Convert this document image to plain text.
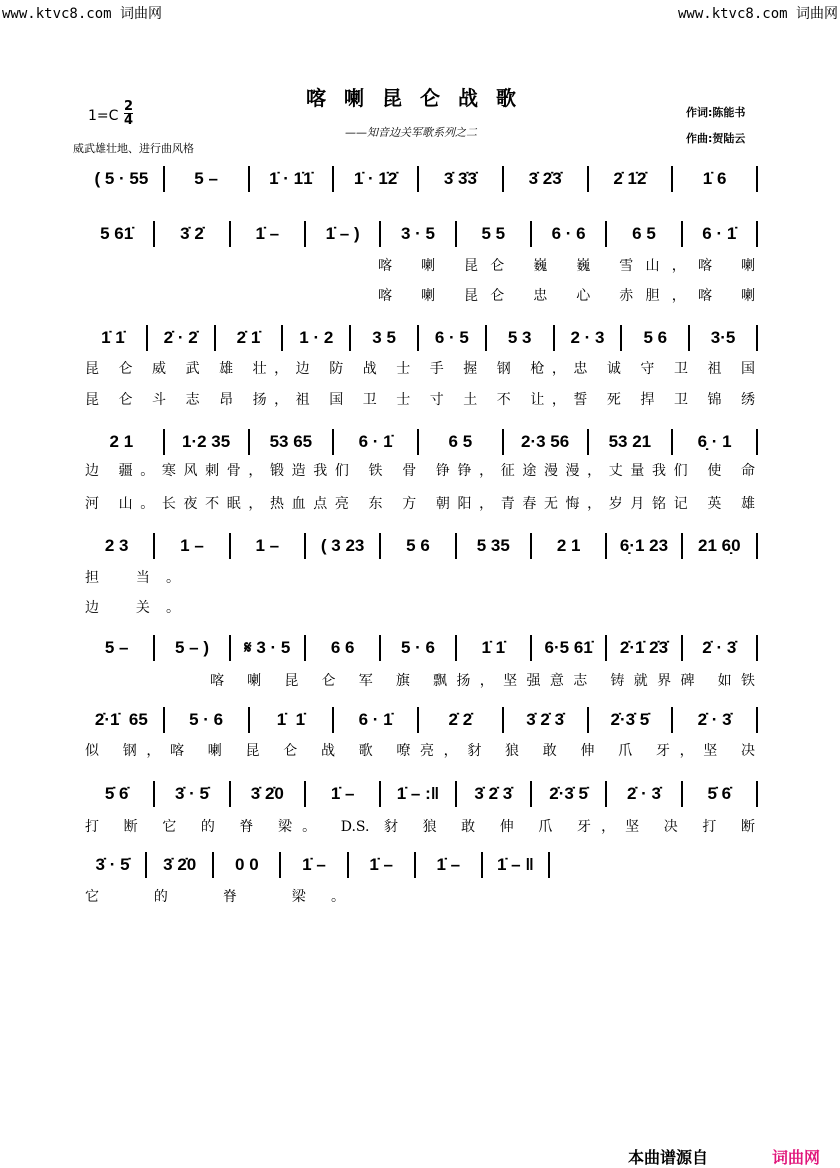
www.ktvc8.com 词曲网	www.ktvc8.com 词曲网
喀喇昆仑战歌
$1=C \frac{2}{4}$
——知音边关军歌系列之二
作词:陈能书
作曲:贺陆云
威武雄壮地、进行曲风格
( 5 · 55	5 –	1̇ · 1̇1̇	1̇ · 1̇2̇	3̇ 3̇3̇	3̇ 2̇3̇	2̇ 1̇2̇	1̇ 6
5 61̇	3̇ 2̇	1̇ –	1̇ – )	3 · 5	5 5	6 · 6	6 5	6 · 1̇
1̇ 1̇	2̇ · 2̇	2̇ 1̇	1 · 2	3 5	6 · 5	5 3	2 · 3	5 6	3·5
2 1	1·2 35	53 65	6 · 1̇	6 5	2·3 56	53 21	6̣ · 1
2 3	1 –	1 –	( 3 23	5 6	5 35	2 1	6̣·1 23	21 6̣0
5 –	5 – )	𝄋 3 · 5	6 6	5 · 6	1̇ 1̇	6·5 61̇	2̇·1̇ 2̇3̇	2̇ · 3̇
2̇·1̇  65	5 · 6	1̇  1̇	6 · 1̇	2̇ 2̇	3̇ 2̇ 3̇	2̇·3̇ 5̇	2̇ · 3̇
5̇ 6̇	3̇ · 5̇	3̇ 2̇0	1̇ –	1̇ – :‖	3̇ 2̇ 3̇	2̇·3̇ 5̇	2̇ · 3̇	5̇ 6̇
3̇ · 5̇	3̇ 2̇0	0 0	1̇ –	1̇ –	1̇ –	1̇ – ‖
喀 喇 昆仑 巍 巍 雪山，喀 喇
喀 喇 昆仑 忠 心 赤胆，喀 喇
昆 仑 威 武 雄 壮，边 防 战 士 手 握 钢 枪，忠 诚 守 卫 祖 国
昆 仑 斗 志 昂 扬，祖 国 卫 士 寸 土 不 让，誓 死 捍 卫 锦 绣
边 疆。寒风刺骨，锻造我们 铁 骨 铮铮，征途漫漫，丈量我们 使 命
河 山。长夜不眠，热血点亮 东 方 朝阳，青春无悔，岁月铭记 英 雄
担 当。
边 关。
喀 喇 昆 仑 军 旗 飘扬，坚强意志 铸就界碑 如铁
似 钢，喀 喇 昆 仑 战 歌 嘹亮，豺 狼 敢 伸 爪 牙，坚 决
打 断 它 的 脊 梁。 D.S. 豺 狼 敢 伸 爪 牙，坚 决 打 断
它 的 脊 梁。
本曲谱源自	词曲网
